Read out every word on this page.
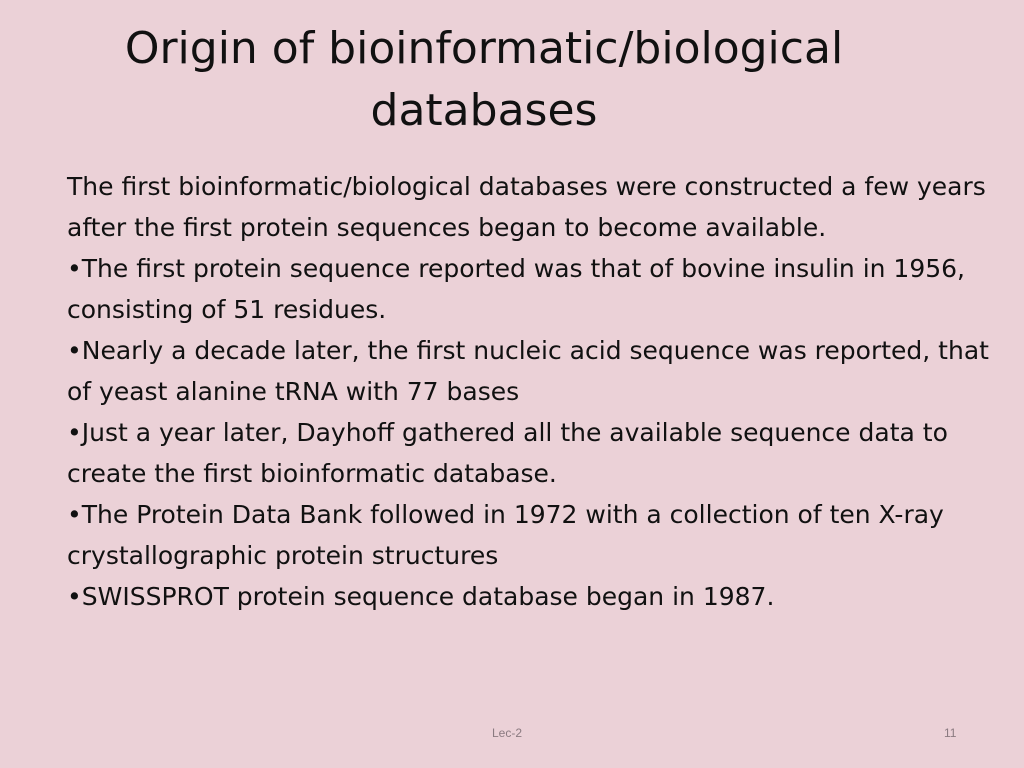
Origin of bioinformatic/biological
databases

The first bioinformatic/biological databases were constructed a few years after the first protein sequences began to become available.

•The first protein sequence reported was that of bovine insulin in 1956, consisting of 51 residues.

•Nearly a decade later, the first nucleic acid sequence was reported, that of yeast alanine tRNA with 77 bases

•Just a year later, Dayhoff gathered all the available sequence data to create the first bioinformatic database.

•The Protein Data Bank followed in 1972 with a collection of ten X-ray crystallographic protein structures

•SWISSPROT protein sequence database began in 1987.

Lec-2	11
